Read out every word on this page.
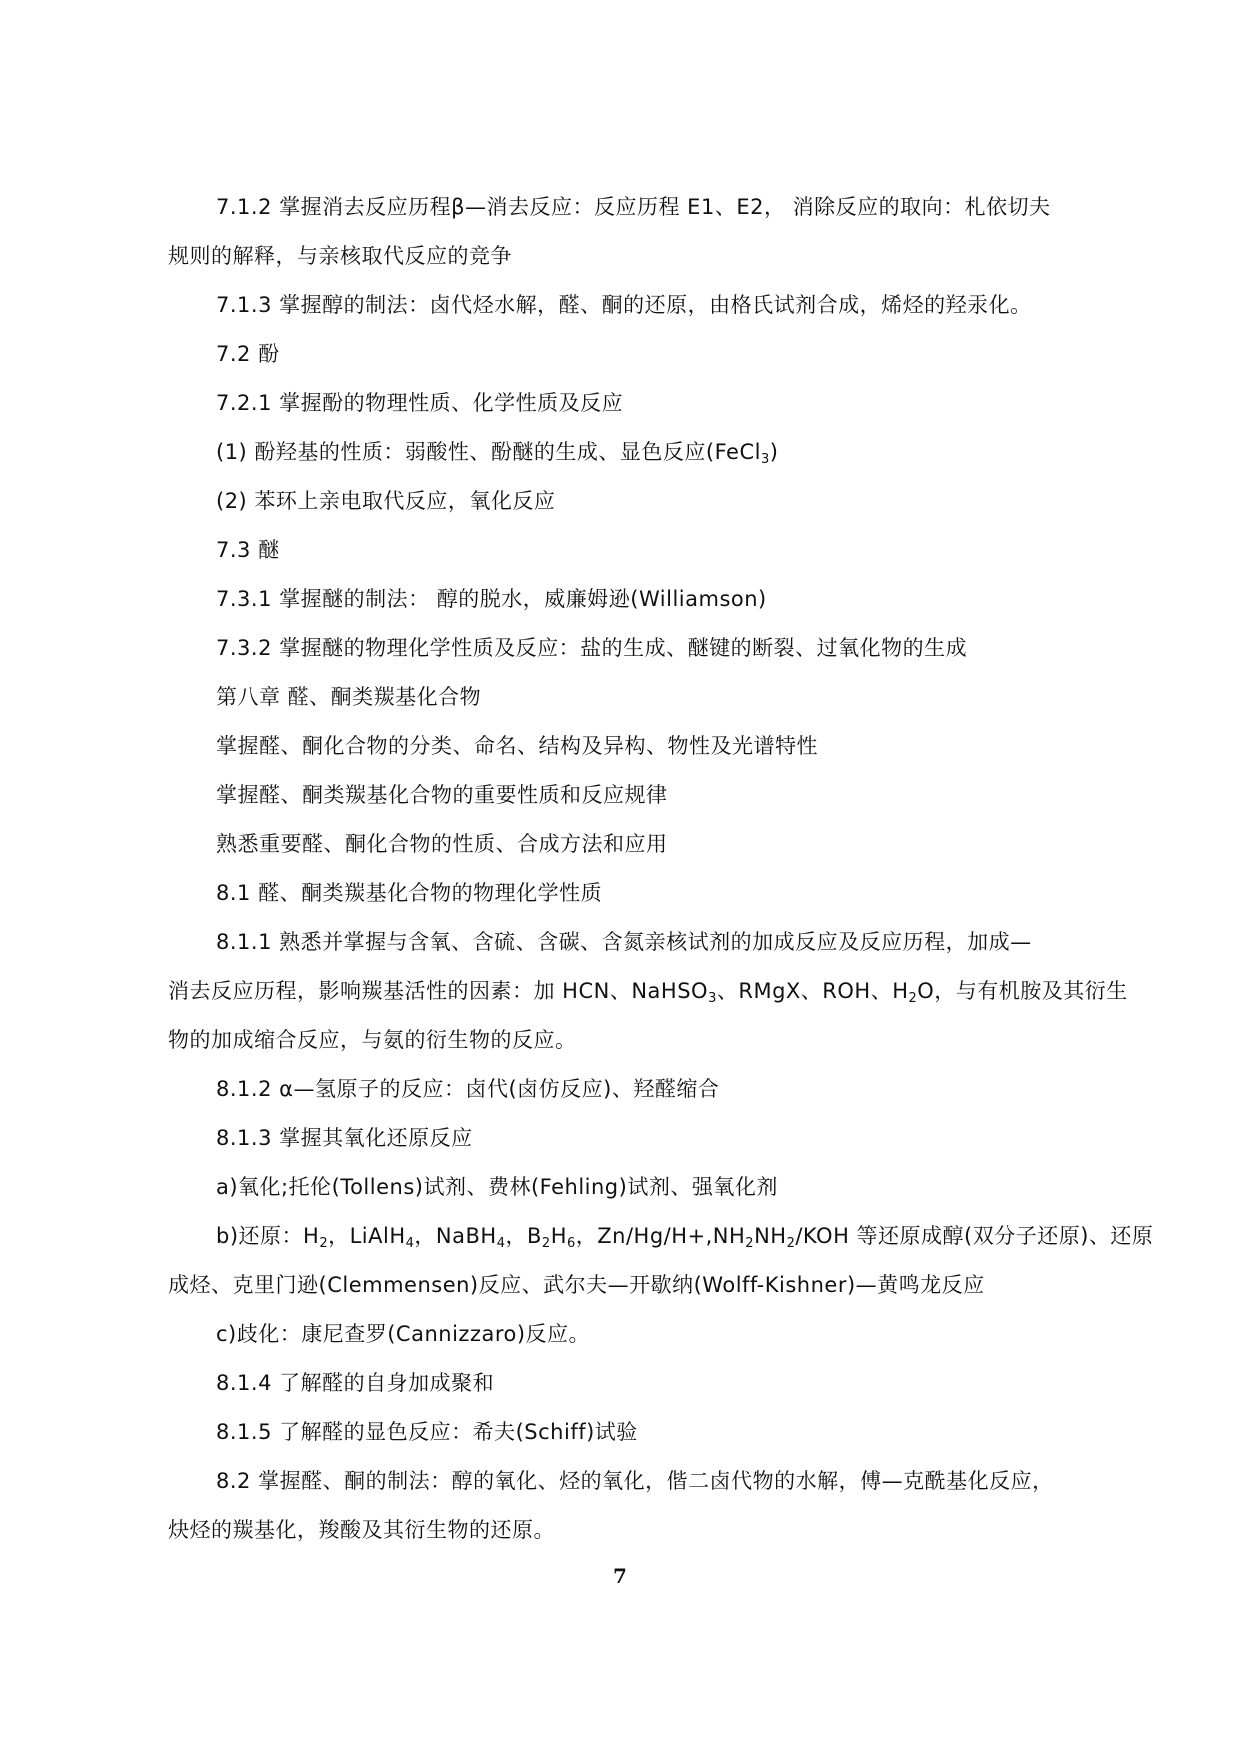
7.1.2 掌握消去反应历程β—消去反应：反应历程 E1、E2， 消除反应的取向：札依切夫

规则的解释，与亲核取代反应的竞争

7.1.3 掌握醇的制法：卤代烃水解，醛、酮的还原，由格氏试剂合成，烯烃的羟汞化。

7.2 酚

7.2.1 掌握酚的物理性质、化学性质及反应

(1) 酚羟基的性质：弱酸性、酚醚的生成、显色反应(FeCl$_3$)

(2) 苯环上亲电取代反应，氧化反应

7.3 醚

7.3.1 掌握醚的制法： 醇的脱水，威廉姆逊(Williamson)

7.3.2 掌握醚的物理化学性质及反应：盐的生成、醚键的断裂、过氧化物的生成

第八章 醛、酮类羰基化合物

掌握醛、酮化合物的分类、命名、结构及异构、物性及光谱特性

掌握醛、酮类羰基化合物的重要性质和反应规律

熟悉重要醛、酮化合物的性质、合成方法和应用

8.1 醛、酮类羰基化合物的物理化学性质

8.1.1 熟悉并掌握与含氧、含硫、含碳、含氮亲核试剂的加成反应及反应历程，加成—

消去反应历程，影响羰基活性的因素：加 HCN、NaHSO$_3$、RMgX、ROH、$H_2O$，与有机胺及其衍生

物的加成缩合反应，与氨的衍生物的反应。

8.1.2 α—氢原子的反应：卤代(卤仿反应)、羟醛缩合

8.1.3 掌握其氧化还原反应

a)氧化;托伦(Tollens)试剂、费林(Fehling)试剂、强氧化剂

b)还原：$H_2$，LiAlH$_4$，NaBH$_4$，$B_2H_6$，$Zn/Hg/H+,NH_2NH_2$/KOH 等还原成醇(双分子还原)、还原

成烃、克里门逊(Clemmensen)反应、武尔夫—开歇纳(Wolff-Kishner)—黄鸣龙反应

c)歧化：康尼查罗(Cannizzaro)反应。

8.1.4 了解醛的自身加成聚和

8.1.5 了解醛的显色反应：希夫(Schiff)试验

8.2 掌握醛、酮的制法：醇的氧化、烃的氧化，偕二卤代物的水解，傅—克酰基化反应，

炔烃的羰基化，羧酸及其衍生物的还原。

7
